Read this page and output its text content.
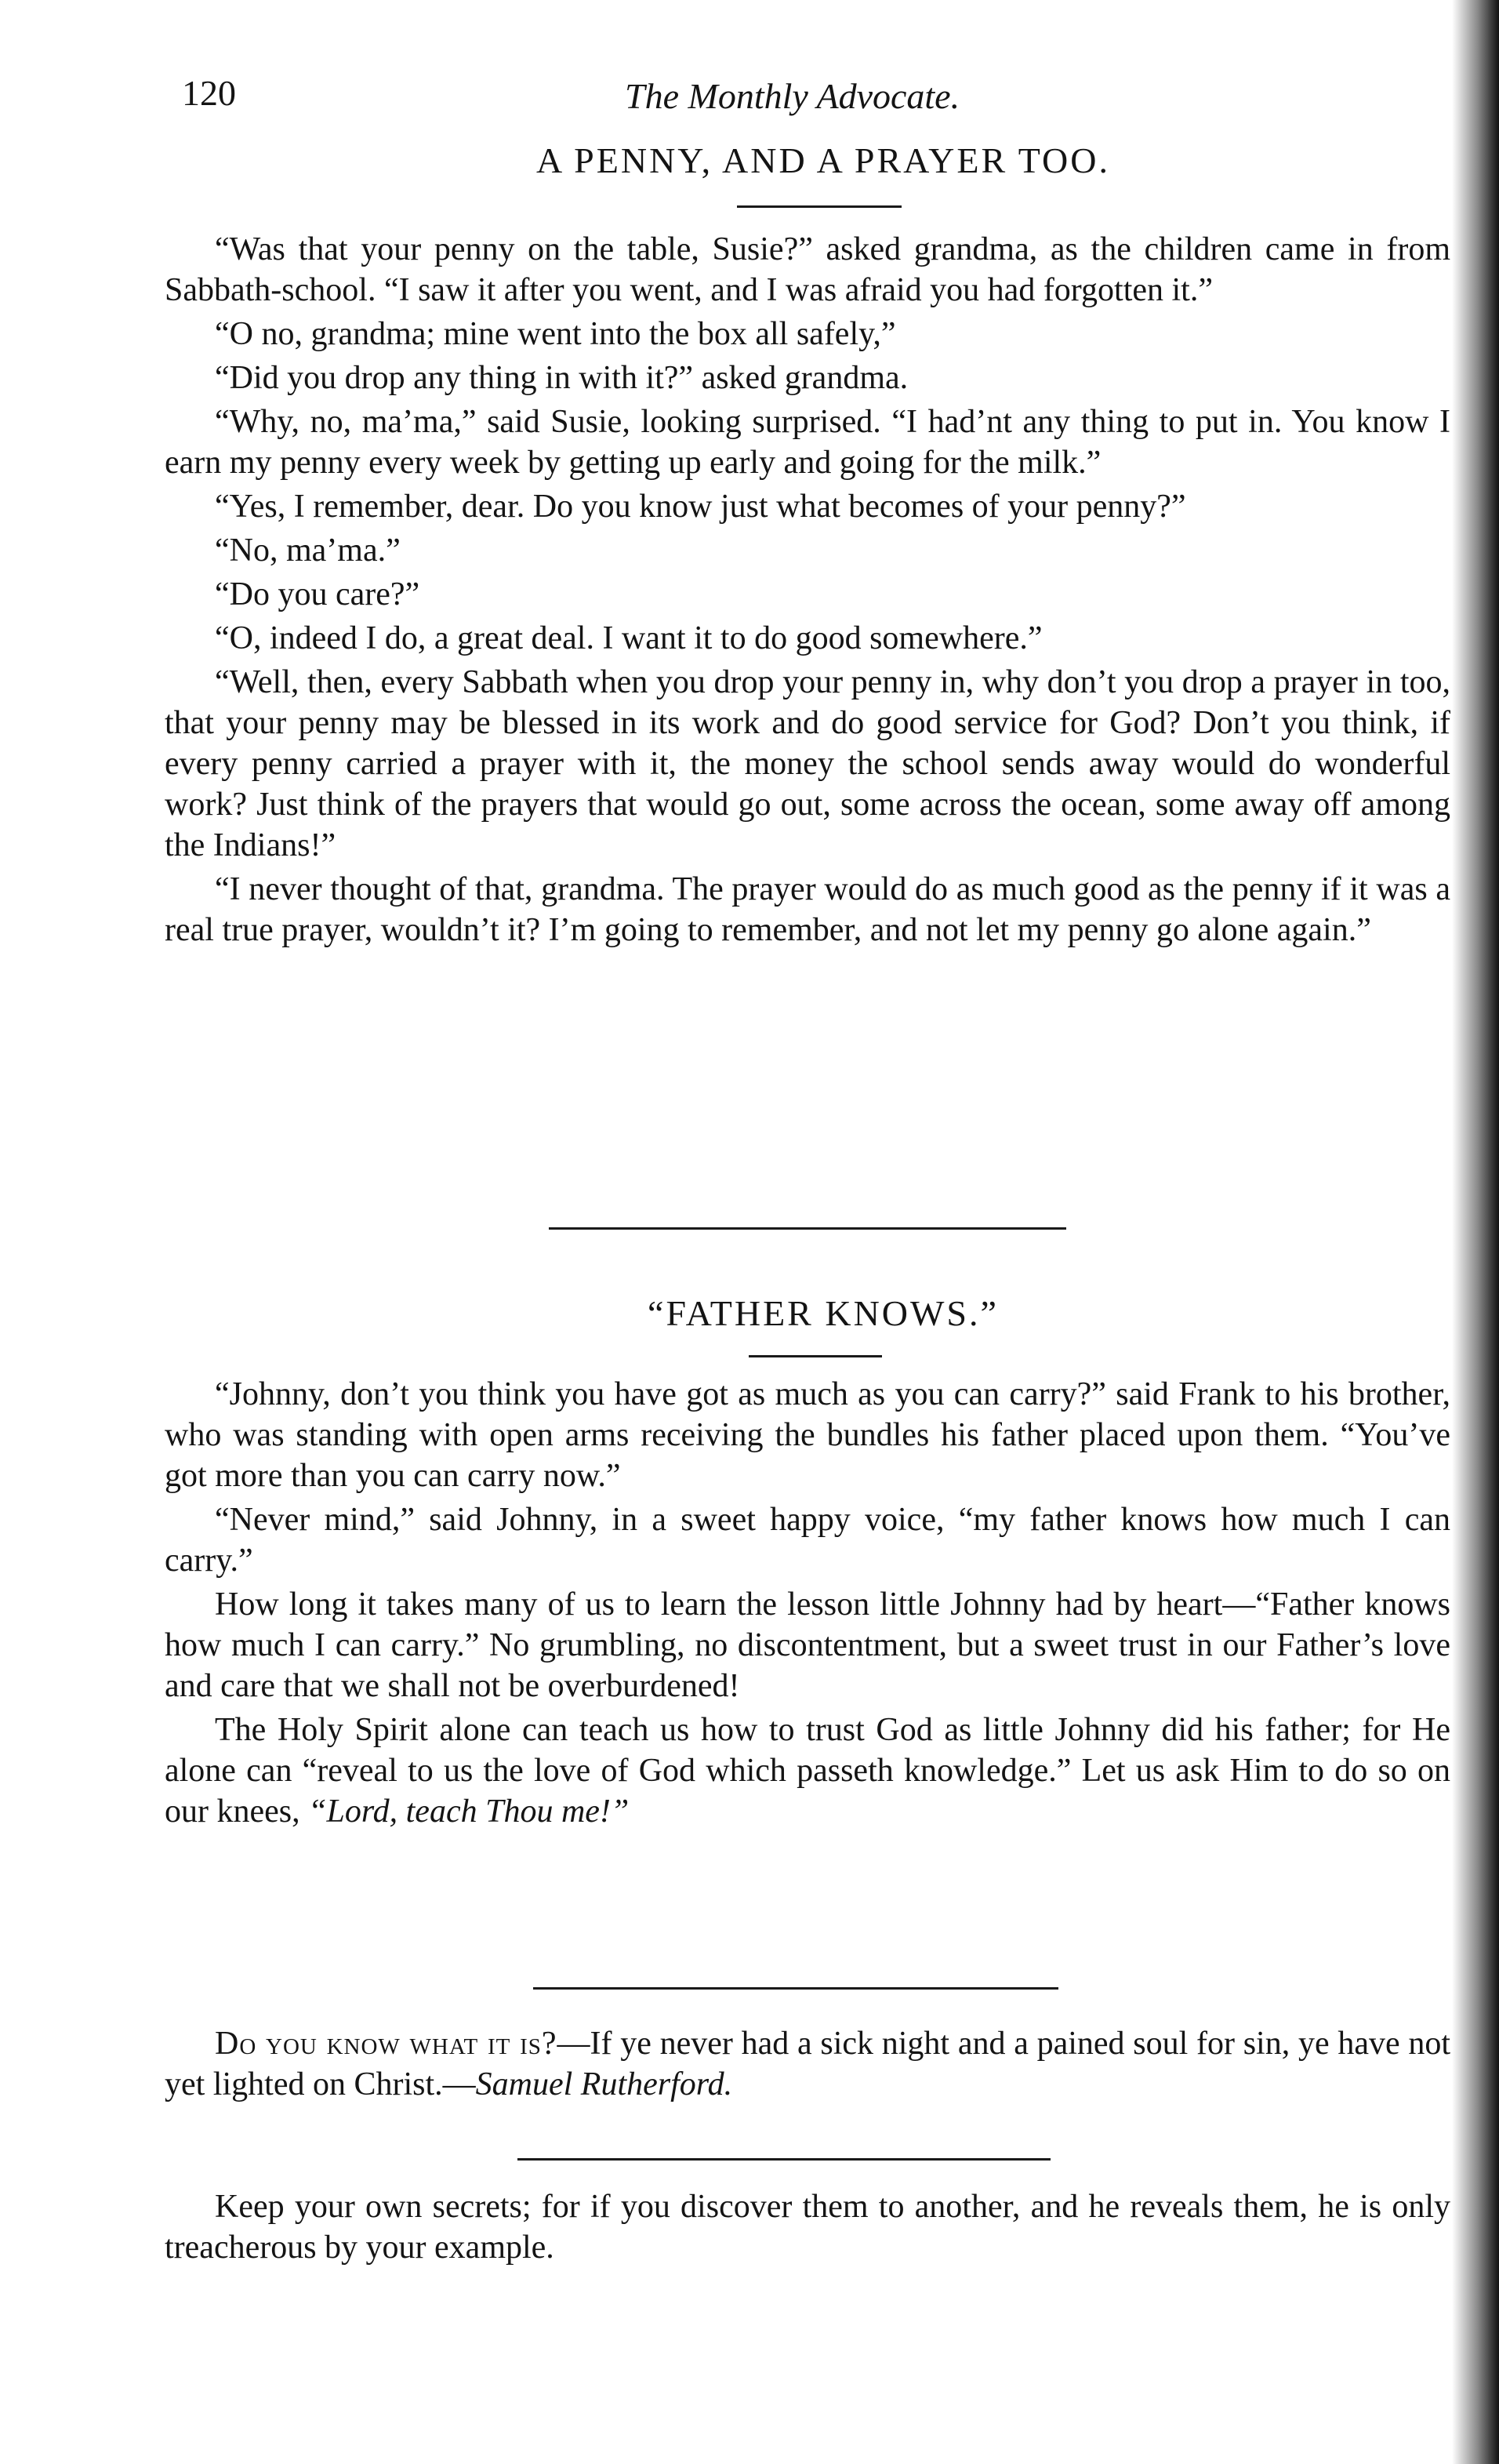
120	The Monthly Advocate.
A PENNY, AND A PRAYER TOO.

“Was that your penny on the table, Susie?” asked grandma, as the children came in from Sabbath-school. “I saw it after you went, and I was afraid you had forgotten it.”

“O no, grandma; mine went into the box all safely,”

“Did you drop any thing in with it?” asked grandma.

“Why, no, ma’ma,” said Susie, looking surprised. “I had’nt any thing to put in. You know I earn my penny every week by getting up early and going for the milk.”

“Yes, I remember, dear. Do you know just what becomes of your penny?”

“No, ma’ma.”

“Do you care?”

“O, indeed I do, a great deal. I want it to do good somewhere.”

“Well, then, every Sabbath when you drop your penny in, why don’t you drop a prayer in too, that your penny may be blessed in its work and do good service for God? Don’t you think, if every penny carried a prayer with it, the money the school sends away would do wonderful work? Just think of the prayers that would go out, some across the ocean, some away off among the Indians!”

“I never thought of that, grandma. The prayer would do as much good as the penny if it was a real true prayer, wouldn’t it? I’m going to remember, and not let my penny go alone again.”

“FATHER KNOWS.”

“Johnny, don’t you think you have got as much as you can carry?” said Frank to his brother, who was standing with open arms receiving the bundles his father placed upon them. “You’ve got more than you can carry now.”

“Never mind,” said Johnny, in a sweet happy voice, “my father knows how much I can carry.”

How long it takes many of us to learn the lesson little Johnny had by heart—“Father knows how much I can carry.” No grumbling, no discontentment, but a sweet trust in our Father’s love and care that we shall not be overburdened!

The Holy Spirit alone can teach us how to trust God as little Johnny did his father; for He alone can “reveal to us the love of God which passeth knowledge.” Let us ask Him to do so on our knees, “Lord, teach Thou me!”

Do you know what it is?—If ye never had a sick night and a pained soul for sin, ye have not yet lighted on Christ.—Samuel Rutherford.

Keep your own secrets; for if you discover them to another, and he reveals them, he is only treacherous by your example.
